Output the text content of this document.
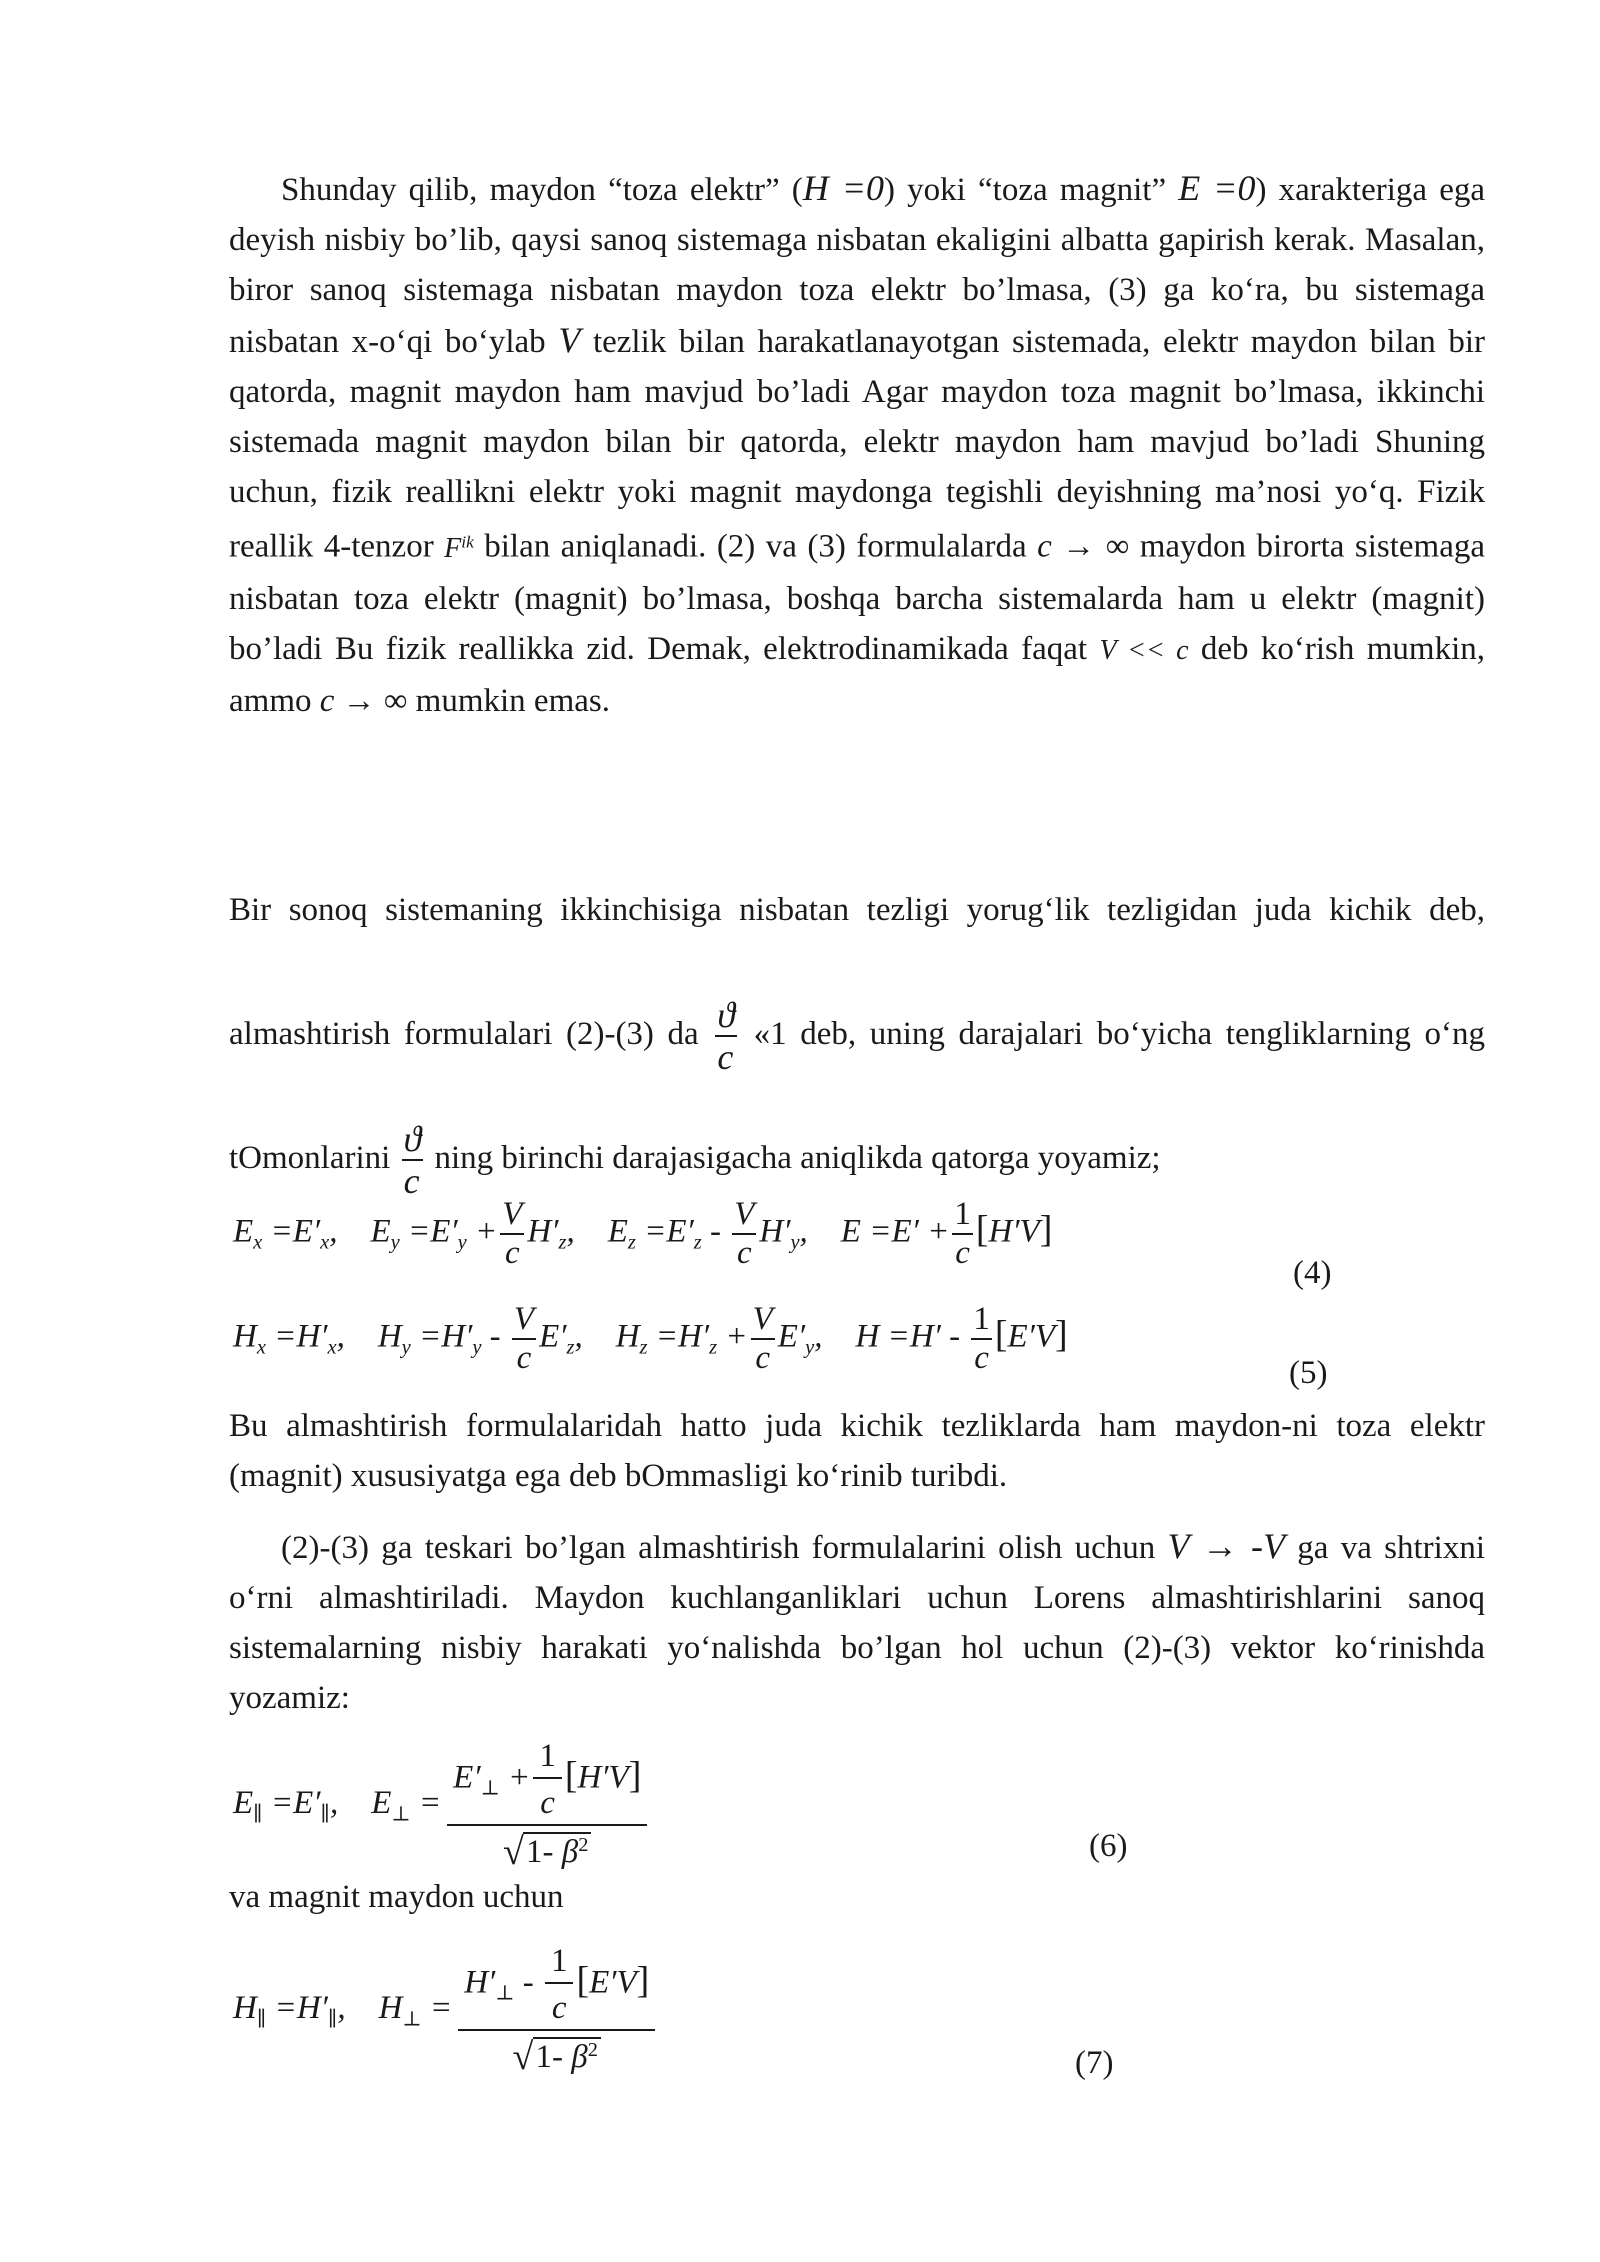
Shunday qilib, maydon “toza elektr” (H =0) yoki “toza magnit” E =0) xarakteriga ega deyish nisbiy bo’lib, qaysi sanoq sistemaga nisbatan ekaligini albatta gapirish kerak. Masalan, biror sanoq sistemaga nisbatan maydon toza elektr bo’lmasa, (3) ga ko‘ra, bu sistemaga nisbatan x-o‘qi bo‘ylab V tezlik bilan harakatlanayotgan sistemada, elektr maydon bilan bir qatorda, magnit maydon ham mavjud bo’ladi Agar maydon toza magnit bo’lmasa, ikkinchi sistemada magnit maydon bilan bir qatorda, elektr maydon ham mavjud bo’ladi Shuning uchun, fizik reallikni elektr yoki magnit maydonga tegishli deyishning ma’nosi yo‘q. Fizik reallik 4-tenzor $F^{ik}$ bilan aniqlanadi. (2) va (3) formulalarda c → ∞ maydon birorta sistemaga nisbatan toza elektr (magnit) bo’lmasa, boshqa barcha sistemalarda ham u elektr (magnit) bo’ladi Bu fizik reallikka zid. Demak, elektrodinamikada faqat V << c deb ko‘rish mumkin, ammo c → ∞ mumkin emas.
Bir sonoq sistemaning ikkinchisiga nisbatan tezligi yorug‘lik tezligidan juda kichik deb, almashtirish formulalari (2)-(3) da $\frac{ϑ}{c}$ «1 deb, uning darajalari bo‘yicha tengliklarning o‘ng tOmonlarini $\frac{ϑ}{c}$ ning birinchi darajasigacha aniqlikda qatorga yoyamiz;
$E_x =E'_x$,    $E_y =E'_y + \frac{V}{c} H'_z$,    $E_z =E'_z - \frac{V}{c} H'_y$,    $E =E' + \frac{1}{c} [H'V]$
(4)
$H_x =H'_x$,    $H_y =H'_y - \frac{V}{c} E'_z$,    $H_z =H'_z + \frac{V}{c} E'_y$,    $H =H' - \frac{1}{c} [E'V]$
(5)
Bu almashtirish formulalaridah hatto juda kichik tezliklarda ham maydon-ni toza elektr (magnit) xususiyatga ega deb bOmmasligi ko‘rinib turibdi.
(2)-(3) ga teskari bo’lgan almashtirish formulalarini olish uchun V → -V ga va shtrixni o‘rni almashtiriladi. Maydon kuchlanganliklari uchun Lorens almashtirishlarini sanoq sistemalarning nisbiy harakati yo‘nalishda bo’lgan hol uchun (2)-(3) vektor ko‘rinishda yozamiz:
$E_\parallel =E'_\parallel$,    $E_\perp = E'_\perp + \frac{1}{c} [H'V]$
√ 1- $\beta^2$	(6)
va magnit maydon uchun
$H_\parallel =H'_\parallel$,    $H_\perp = H'_\perp - \frac{1}{c} [E'V]$
√ 1- $\beta^2$	(7)
